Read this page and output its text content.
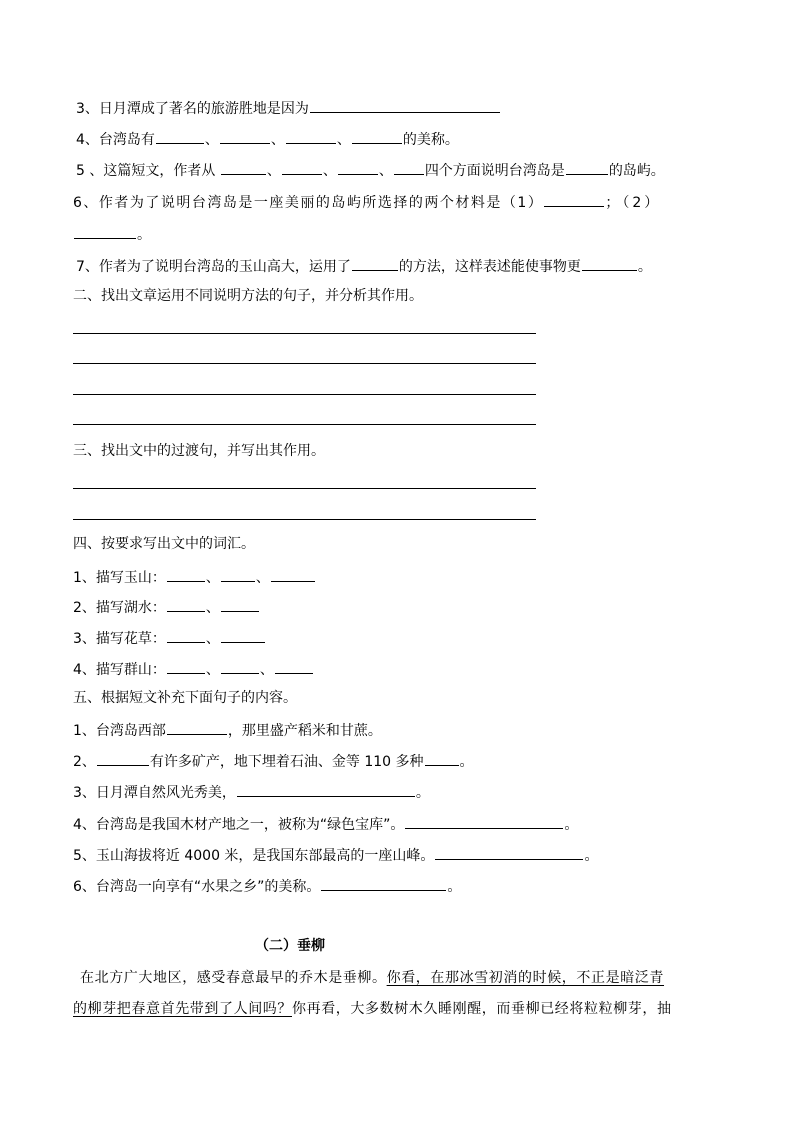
3、日月潭成了著名的旅游胜地是因为
4、台湾岛有	、	、	、	的美称。
5 、这篇短文，作者从	、	、	、 四个方面说明台湾岛是	的岛屿。
6、作者为了说明台湾岛是一座美丽的岛屿所选择的两个材料是（1）	；（2）
。
7、作者为了说明台湾岛的玉山高大，运用了	的方法，这样表述能使事物更	。
二、找出文章运用不同说明方法的句子，并分析其作用。
三、找出文中的过渡句，并写出其作用。
四、按要求写出文中的词汇。
1、描写玉山：	、	、
2、描写湖水：	、
3、描写花草：	、
4、描写群山：	、	、
五、根据短文补充下面句子的内容。
1、台湾岛西部	，那里盛产稻米和甘蔗。
2、	有许多矿产，地下埋着石油、金等 110 多种	。
3、日月潭自然风光秀美，	。
4、台湾岛是我国木材产地之一，被称为“绿色宝库”。	。
5、玉山海拔将近 4000 米，是我国东部最高的一座山峰。	。
6、台湾岛一向享有“水果之乡”的美称。	。
（二）垂柳
在北方广大地区，感受春意最早的乔木是垂柳。你看，在那冰雪初消的时候，不正是暗泛青
的柳芽把春意首先带到了人间吗？你再看，大多数树木久睡刚醒，而垂柳已经将粒粒柳芽，抽
